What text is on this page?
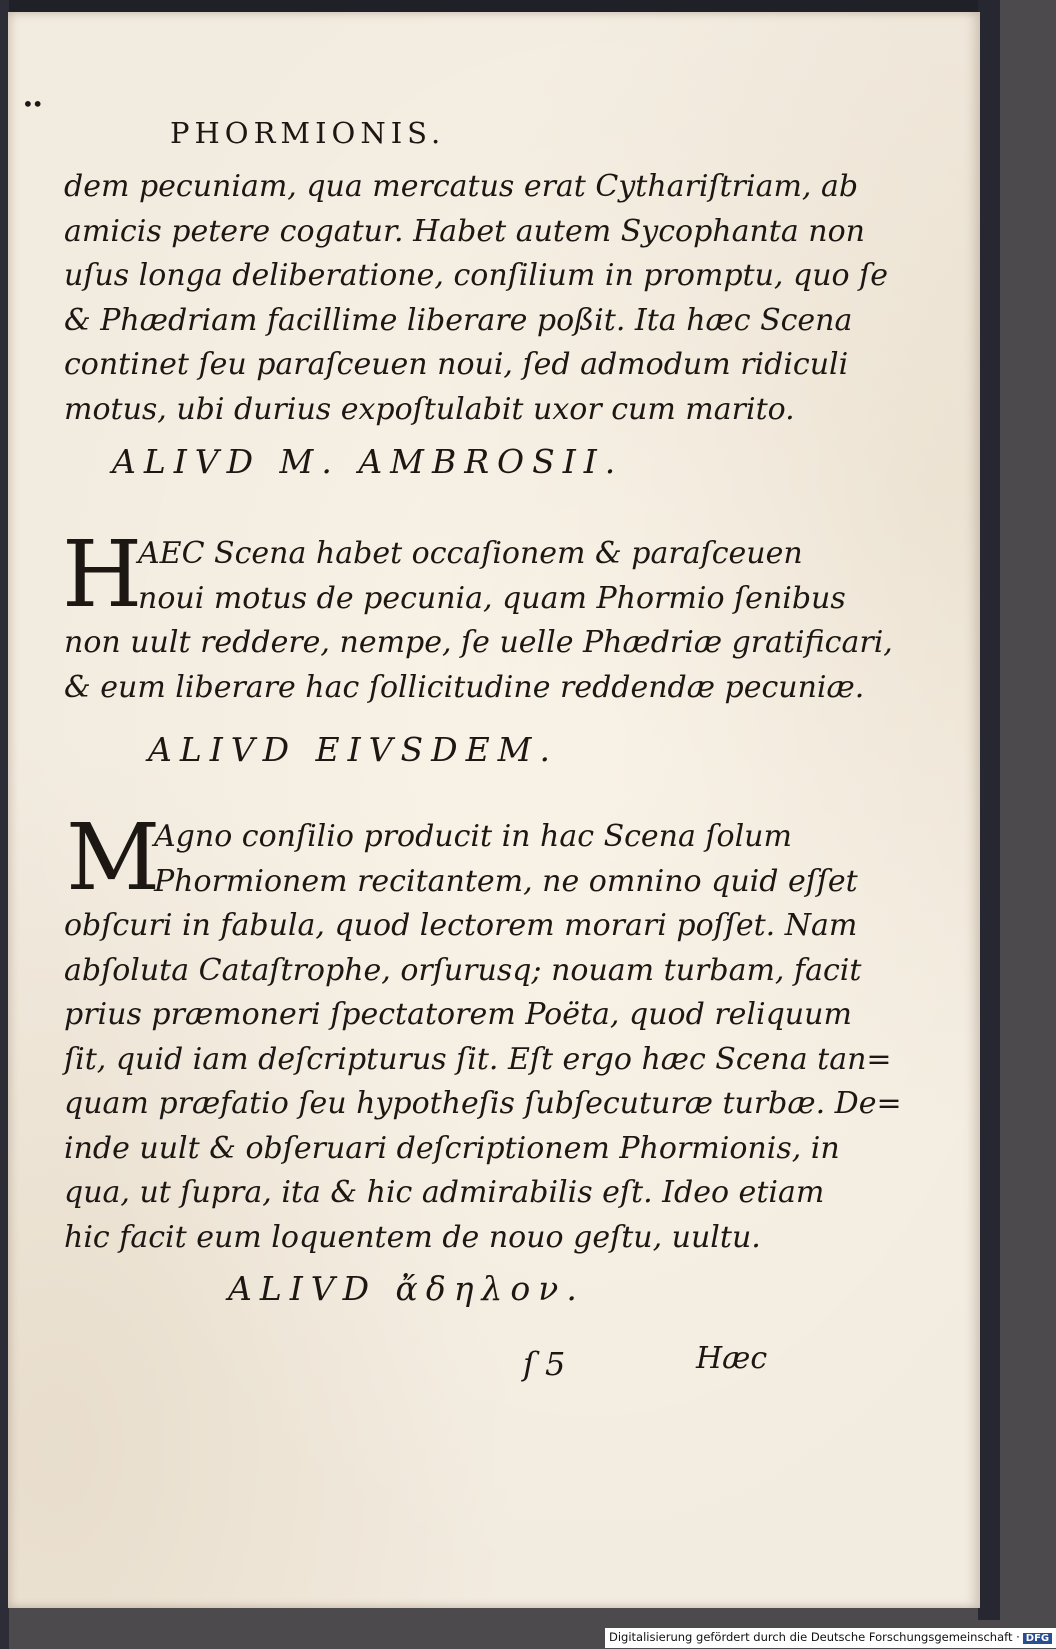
••
PHORMIONIS.
dem pecuniam, qua mercatus erat Cythariſtriam, ab
amicis petere cogatur. Habet autem Sycophanta non
uſus longa deliberatione, conſilium in promptu, quo ſe
& Phædriam facillime liberare poßit. Ita hæc Scena
continet ſeu paraſceuen noui, ſed admodum ridiculi
motus, ubi durius expoſtulabit uxor cum marito.
ALIVD M. AMBROSII.
H
AEC Scena habet occaſionem & paraſceuen
noui motus de pecunia, quam Phormio ſenibus
non uult reddere, nempe, ſe uelle Phædriæ gratificari,
& eum liberare hac ſollicitudine reddendæ pecuniæ.
ALIVD EIVSDEM.
M
Agno conſilio producit in hac Scena ſolum
Phormionem recitantem, ne omnino quid eſſet
obſcuri in fabula, quod lectorem morari poſſet. Nam
abſoluta Cataſtrophe, orſurusq; nouam turbam, facit
prius præmoneri ſpectatorem Poëta, quod reliquum
ſit, quid iam deſcripturus ſit. Eſt ergo hæc Scena tan=
quam præfatio ſeu hypotheſis ſubſecuturæ turbæ. De=
inde uult & obſeruari deſcriptionem Phormionis, in
qua, ut ſupra, ita & hic admirabilis eſt. Ideo etiam
hic facit eum loquentem de nouo geſtu, uultu.
ALIVD ἄδηλον.
ſ 5	Hæc
Digitalisierung gefördert durch die Deutsche Forschungsgemeinschaft · DFG
